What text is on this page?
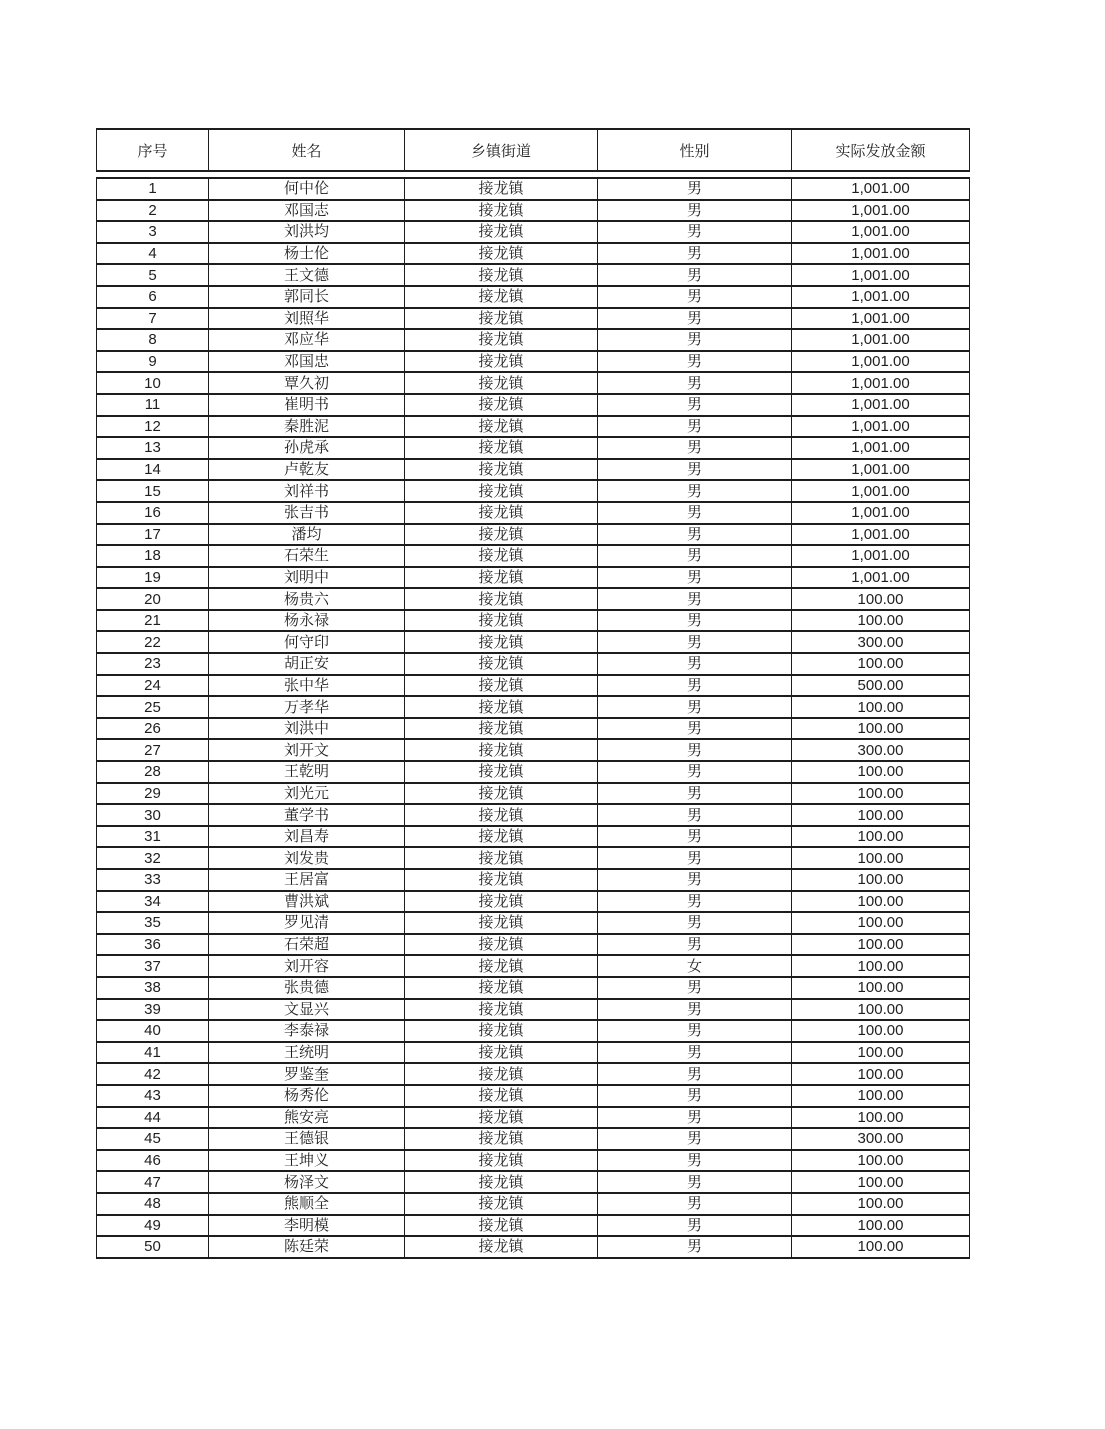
序号	姓名	乡镇街道	性别	实际发放金额
1	何中伦	接龙镇	男	1,001.00
2	邓国志	接龙镇	男	1,001.00
3	刘洪均	接龙镇	男	1,001.00
4	杨士伦	接龙镇	男	1,001.00
5	王文德	接龙镇	男	1,001.00
6	郭同长	接龙镇	男	1,001.00
7	刘照华	接龙镇	男	1,001.00
8	邓应华	接龙镇	男	1,001.00
9	邓国忠	接龙镇	男	1,001.00
10	覃久初	接龙镇	男	1,001.00
11	崔明书	接龙镇	男	1,001.00
12	秦胜泥	接龙镇	男	1,001.00
13	孙虎承	接龙镇	男	1,001.00
14	卢乾友	接龙镇	男	1,001.00
15	刘祥书	接龙镇	男	1,001.00
16	张吉书	接龙镇	男	1,001.00
17	潘均	接龙镇	男	1,001.00
18	石荣生	接龙镇	男	1,001.00
19	刘明中	接龙镇	男	1,001.00
20	杨贵六	接龙镇	男	100.00
21	杨永禄	接龙镇	男	100.00
22	何守印	接龙镇	男	300.00
23	胡正安	接龙镇	男	100.00
24	张中华	接龙镇	男	500.00
25	万孝华	接龙镇	男	100.00
26	刘洪中	接龙镇	男	100.00
27	刘开文	接龙镇	男	300.00
28	王乾明	接龙镇	男	100.00
29	刘光元	接龙镇	男	100.00
30	董学书	接龙镇	男	100.00
31	刘昌寿	接龙镇	男	100.00
32	刘发贵	接龙镇	男	100.00
33	王居富	接龙镇	男	100.00
34	曹洪斌	接龙镇	男	100.00
35	罗见清	接龙镇	男	100.00
36	石荣超	接龙镇	男	100.00
37	刘开容	接龙镇	女	100.00
38	张贵德	接龙镇	男	100.00
39	文显兴	接龙镇	男	100.00
40	李泰禄	接龙镇	男	100.00
41	王统明	接龙镇	男	100.00
42	罗鉴奎	接龙镇	男	100.00
43	杨秀伦	接龙镇	男	100.00
44	熊安亮	接龙镇	男	100.00
45	王德银	接龙镇	男	300.00
46	王坤义	接龙镇	男	100.00
47	杨泽文	接龙镇	男	100.00
48	熊顺全	接龙镇	男	100.00
49	李明模	接龙镇	男	100.00
50	陈廷荣	接龙镇	男	100.00
